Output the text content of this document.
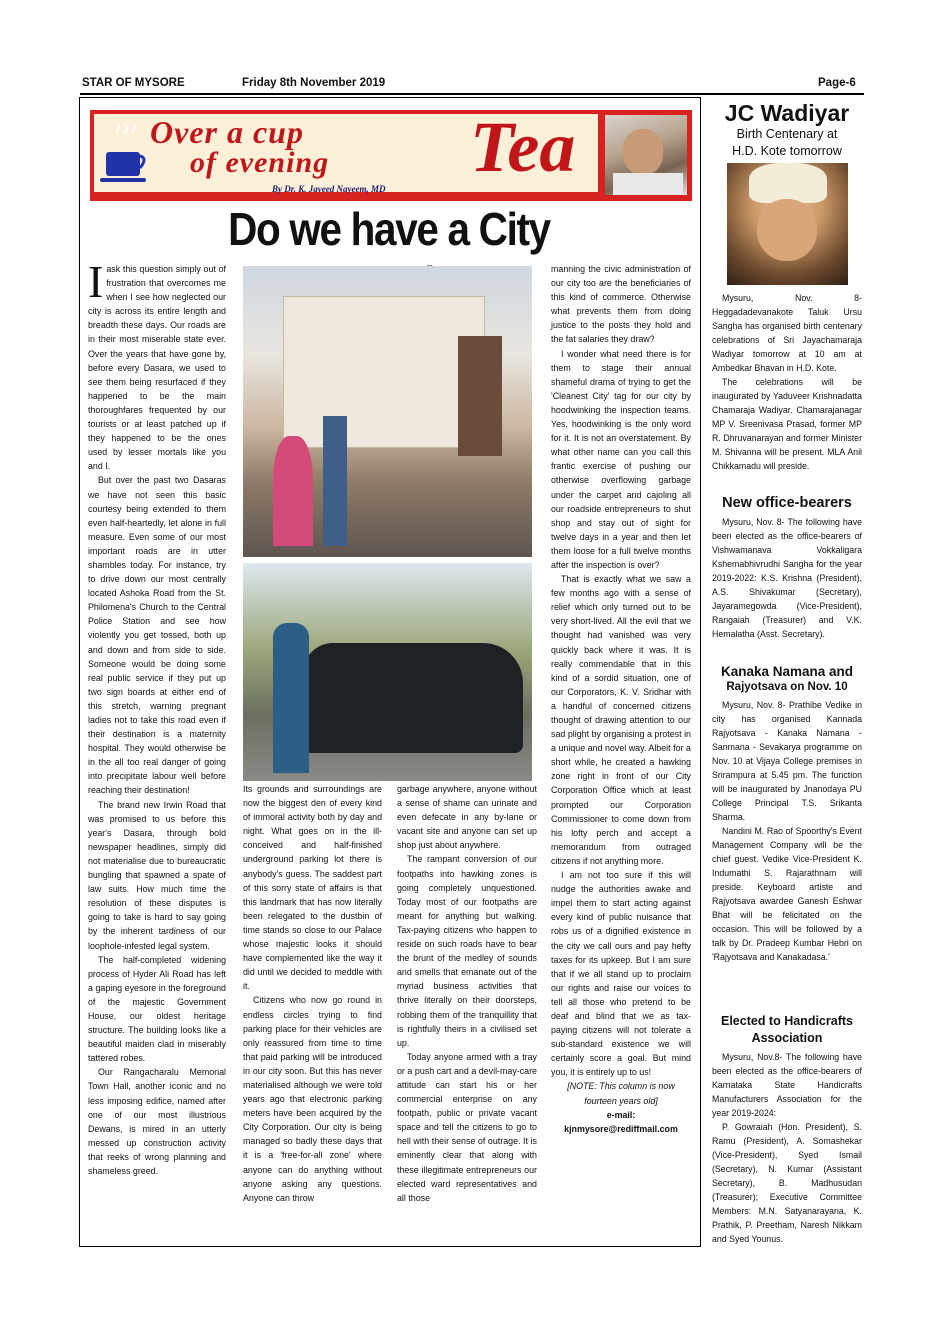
STAR OF MYSORE	Friday 8th November 2019	Page-6
Over a cup
of evening Tea
By Dr. K. Javeed Nayeem, MD
Do we have a City

Iask this question simply out of frustration that overcomes me when I see how neglected our city is across its entire length and breadth these days. Our roads are in their most miserable state ever. Over the years that have gone by, before every Dasara, we used to see them being resurfaced if they happened to be the main thoroughfares frequented by our tourists or at least patched up if they happened to be the ones used by lesser mortals like you and I.

But over the past two Dasaras we have not seen this basic courtesy being extended to them even half-heartedly, let alone in full measure. Even some of our most important roads are in utter shambles today. For instance, try to drive down our most centrally located Ashoka Road from the St. Philomena's Church to the Central Police Station and see how violently you get tossed, both up and down and from side to side. Someone would be doing some real public service if they put up two sign boards at either end of this stretch, warning pregnant ladies not to take this road even if their destination is a maternity hospital. They would otherwise be in the all too real danger of going into precipitate labour well before reaching their destination!

The brand new Irwin Road that was promised to us before this year's Dasara, through bold newspaper headlines, simply did not materialise due to bureaucratic bungling that spawned a spate of law suits. How much time the resolution of these disputes is going to take is hard to say going by the inherent tardiness of our loophole-infested legal system.

The half-completed widening process of Hyder Ali Road has left a gaping eyesore in the foreground of the majestic Government House, our oldest heritage structure. The building looks like a beautiful maiden clad in miserably tattered robes.

Our Rangacharalu Memorial Town Hall, another iconic and no less imposing edifice, named after one of our most illustrious Dewans, is mired in an utterly messed up construction activity that reeks of wrong planning and shameless greed.

Its grounds and surroundings are now the biggest den of every kind of immoral activity both by day and night. What goes on in the ill-conceived and half-finished underground parking lot there is anybody's guess. The saddest part of this sorry state of affairs is that this landmark that has now literally been relegated to the dustbin of time stands so close to our Palace whose majestic looks it should have complemented like the way it did until we decided to meddle with it.

Citizens who now go round in endless circles trying to find parking place for their vehicles are only reassured from time to time that paid parking will be introduced in our city soon. But this has never materialised although we were told years ago that electronic parking meters have been acquired by the City Corporation. Our city is being managed so badly these days that it is a 'free-for-all zone' where anyone can do anything without anyone asking any questions. Anyone can throw

garbage anywhere, anyone without a sense of shame can urinate and even defecate in any by-lane or vacant site and anyone can set up shop just about anywhere.

The rampant conversion of our footpaths into hawking zones is going completely unquestioned. Today most of our footpaths are meant for anything but walking. Tax-paying citizens who happen to reside on such roads have to bear the brunt of the medley of sounds and smells that emanate out of the myriad business activities that thrive literally on their doorsteps, robbing them of the tranquillity that is rightfully theirs in a civilised set up.

Today anyone armed with a tray or a push cart and a devil-may-care attitude can start his or her commercial enterprise on any footpath, public or private vacant space and tell the citizens to go to hell with their sense of outrage. It is eminently clear that along with these illegitimate entrepreneurs our elected ward representatives and all those

manning the civic administration of our city too are the beneficiaries of this kind of commerce. Otherwise what prevents them from doing justice to the posts they hold and the fat salaries they draw?

I wonder what need there is for them to stage their annual shameful drama of trying to get the 'Cleanest City' tag for our city by hoodwinking the inspection teams. Yes, hoodwinking is the only word for it. It is not an overstatement. By what other name can you call this frantic exercise of pushing our otherwise overflowing garbage under the carpet and cajoling all our roadside entrepreneurs to shut shop and stay out of sight for twelve days in a year and then let them loose for a full twelve months after the inspection is over?

That is exactly what we saw a few months ago with a sense of relief which only turned out to be very short-lived. All the evil that we thought had vanished was very quickly back where it was. It is really commendable that in this kind of a sordid situation, one of our Corporators, K. V. Sridhar with a handful of concerned citizens thought of drawing attention to our sad plight by organising a protest in a unique and novel way. Albeit for a short while, he created a hawking zone right in front of our City Corporation Office which at least prompted our Corporation Commissioner to come down from his lofty perch and accept a memorandum from outraged citizens if not anything more.

I am not too sure if this will nudge the authorities awake and impel them to start acting against every kind of public nuisance that robs us of a dignified existence in the city we call ours and pay hefty taxes for its upkeep. But I am sure that if we all stand up to proclaim our rights and raise our voices to tell all those who pretend to be deaf and blind that we as tax-paying citizens will not tolerate a sub-standard existence we will certainly score a goal. But mind you, it is entirely up to us!

[NOTE: This column is now fourteen years old]

e-mail:

kjnmysore@rediffmail.com

JC Wadiyar
Birth Centenary at
H.D. Kote tomorrow

Mysuru, Nov. 8- Heggadadevanakote Taluk Ursu Sangha has organised birth centenary celebrations of Sri Jayachamaraja Wadiyar tomorrow at 10 am at Ambedkar Bhavan in H.D. Kote.

The celebrations will be inaugurated by Yaduveer Krishnadatta Chamaraja Wadiyar. Chamarajanagar MP V. Sreenivasa Prasad, former MP R. Dhruvanarayan and former Minister M. Shivanna will be present. MLA Anil Chikkamadu will preside.

New office-bearers

Mysuru, Nov. 8- The following have been elected as the office-bearers of Vishwamanava Vokkaligara Kshemabhivrudhi Sangha for the year 2019-2022: K.S. Krishna (President), A.S. Shivakumar (Secretary), Jayaramegowda (Vice-President), Rangaiah (Treasurer) and V.K. Hemalatha (Asst. Secretary).

Kanaka Namana and
Rajyotsava on Nov. 10

Mysuru, Nov. 8- Prathibe Vedike in city has organised Kannada Rajyotsava - Kanaka Namana - Sanmana - Sevakarya programme on Nov. 10 at Vijaya College premises in Srirampura at 5.45 pm. The function will be inaugurated by Jnanodaya PU College Principal T.S. Srikanta Sharma.

Nandini M. Rao of Spoorthy's Event Management Company will be the chief guest. Vedike Vice-President K. Indumathi S. Rajarathnam will preside. Keyboard artiste and Rajyotsava awardee Ganesh Eshwar Bhat will be felicitated on the occasion. This will be followed by a talk by Dr. Pradeep Kumbar Hebri on 'Rajyotsava and Kanakadasa.'

Elected to Handicrafts
Association

Mysuru, Nov.8- The following have been elected as the office-bearers of Karnataka State Handicrafts Manufacturers Association for the year 2019-2024:

P. Gowraiah (Hon. President), S. Ramu (President), A. Somashekar (Vice-President), Syed Ismail (Secretary), N. Kumar (Assistant Secretary), B. Madhusudan (Treasurer); Executive Committee Members: M.N. Satyanarayana, K. Prathik, P. Preetham, Naresh Nikkam and Syed Younus.
